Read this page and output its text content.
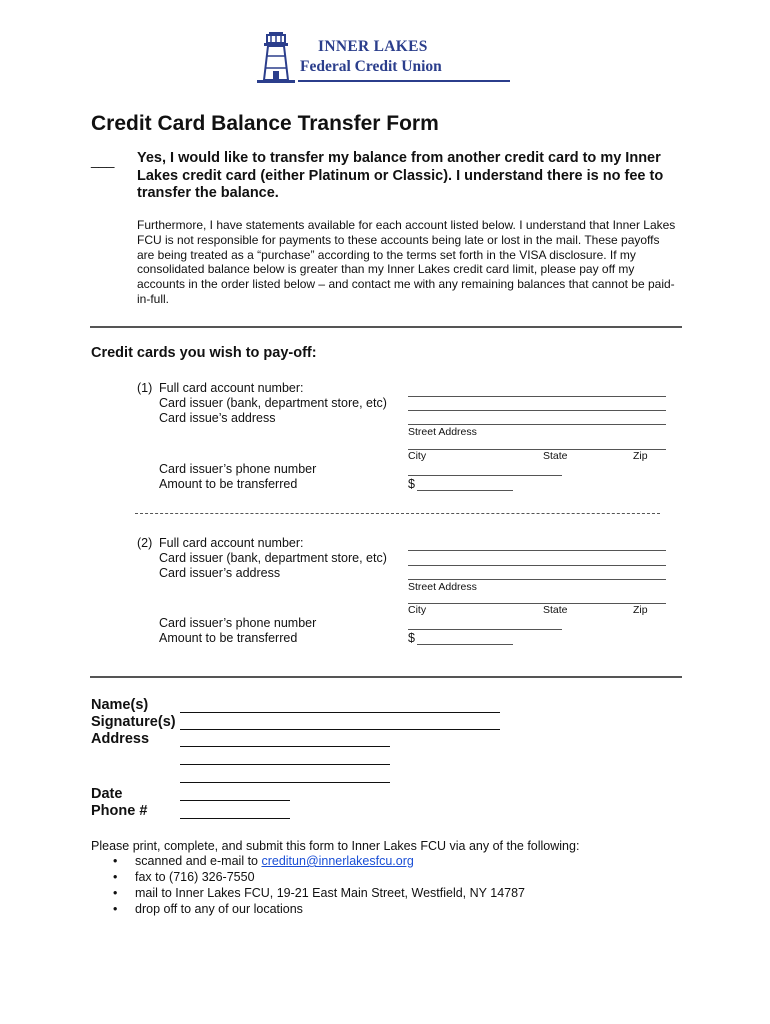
INNER LAKES
Federal Credit Union
Credit Card Balance Transfer Form
___ Yes, I would like to transfer my balance from another credit card to my Inner Lakes credit card (either Platinum or Classic). I understand there is no fee to transfer the balance.
Furthermore, I have statements available for each account listed below. I understand that Inner Lakes FCU is not responsible for payments to these accounts being late or lost in the mail. These payoffs are being treated as a “purchase” according to the terms set forth in the VISA disclosure. If my consolidated balance below is greater than my Inner Lakes credit card limit, please pay off my accounts in the order listed below – and contact me with any remaining balances that cannot be paid-in-full.
Credit cards you wish to pay-off:
(1) Full card account number:
Card issuer (bank, department store, etc)
Card issue’s address
Street Address
City	State	Zip
Card issuer’s phone number
Amount to be transferred	$
(2) Full card account number:
Card issuer (bank, department store, etc)
Card issuer’s address
Street Address
City	State	Zip
Card issuer’s phone number
Amount to be transferred	$
Name(s)
Signature(s)
Address
Date
Phone #
Please print, complete, and submit this form to Inner Lakes FCU via any of the following:
• scanned and e-mail to creditun@innerlakesfcu.org
• fax to (716) 326-7550
• mail to Inner Lakes FCU, 19-21 East Main Street, Westfield, NY 14787
• drop off to any of our locations
